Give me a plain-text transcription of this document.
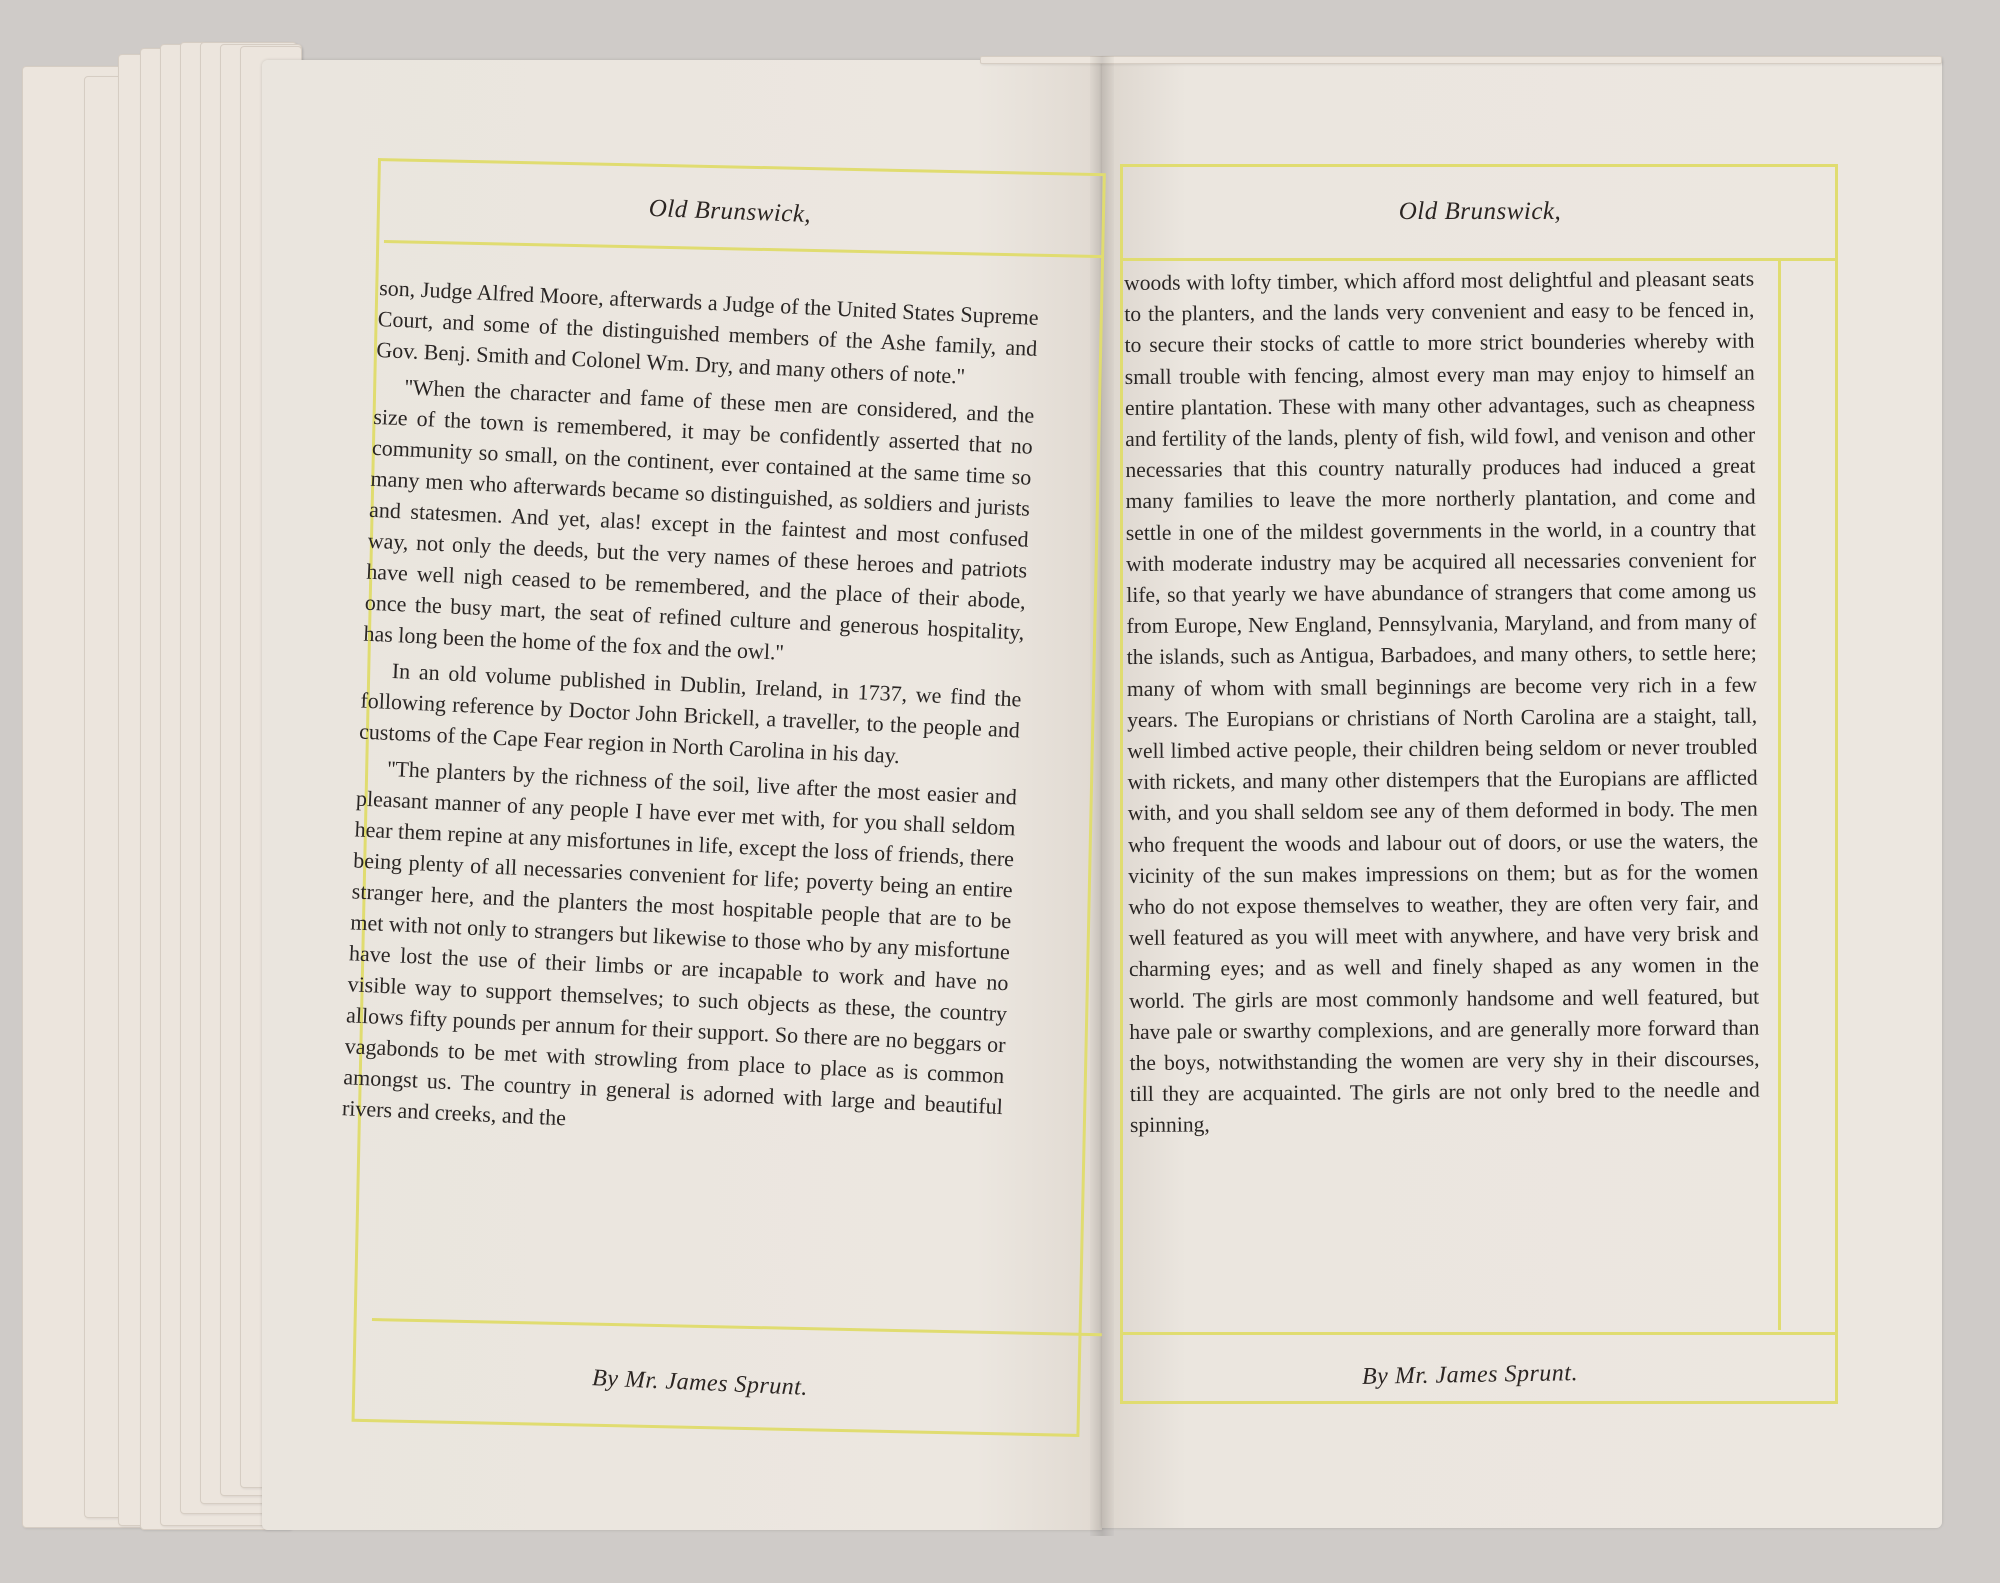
Old Brunswick,

son, Judge Alfred Moore, afterwards a Judge of the United States Supreme Court, and some of the distinguished members of the Ashe family, and Gov. Benj. Smith and Colonel Wm. Dry, and many others of note.''

''When the character and fame of these men are considered, and the size of the town is remembered, it may be confidently asserted that no community so small, on the continent, ever contained at the same time so many men who afterwards became so distinguished, as soldiers and jurists and statesmen. And yet, alas! except in the faintest and most confused way, not only the deeds, but the very names of these heroes and patriots have well nigh ceased to be remembered, and the place of their abode, once the busy mart, the seat of refined culture and generous hospitality, has long been the home of the fox and the owl.''

In an old volume published in Dublin, Ireland, in 1737, we find the following reference by Doctor John Brickell, a traveller, to the people and customs of the Cape Fear region in North Carolina in his day.

''The planters by the richness of the soil, live after the most easier and pleasant manner of any people I have ever met with, for you shall seldom hear them repine at any misfortunes in life, except the loss of friends, there being plenty of all necessaries convenient for life; poverty being an entire stranger here, and the planters the most hospitable people that are to be met with not only to strangers but likewise to those who by any misfortune have lost the use of their limbs or are incapable to work and have no visible way to support themselves; to such objects as these, the country allows fifty pounds per annum for their support. So there are no beggars or vagabonds to be met with strowling from place to place as is common amongst us. The country in general is adorned with large and beautiful rivers and creeks, and the

By Mr. James Sprunt.
Old Brunswick,

woods with lofty timber, which afford most delightful and pleasant seats to the planters, and the lands very convenient and easy to be fenced in, to secure their stocks of cattle to more strict bounderies whereby with small trouble with fencing, almost every man may enjoy to himself an entire plantation. These with many other advantages, such as cheapness and fertility of the lands, plenty of fish, wild fowl, and venison and other necessaries that this country naturally produces had induced a great many families to leave the more northerly plantation, and come and settle in one of the mildest governments in the world, in a country that with moderate industry may be acquired all necessaries convenient for life, so that yearly we have abundance of strangers that come among us from Europe, New England, Pennsylvania, Maryland, and from many of the islands, such as Antigua, Barbadoes, and many others, to settle here; many of whom with small beginnings are become very rich in a few years. The Europians or christians of North Carolina are a staight, tall, well limbed active people, their children being seldom or never troubled with rickets, and many other distempers that the Europians are afflicted with, and you shall seldom see any of them deformed in body. The men who frequent the woods and labour out of doors, or use the waters, the vicinity of the sun makes impressions on them; but as for the women who do not expose themselves to weather, they are often very fair, and well featured as you will meet with anywhere, and have very brisk and charming eyes; and as well and finely shaped as any women in the world. The girls are most commonly handsome and well featured, but have pale or swarthy complexions, and are generally more forward than the boys, notwithstanding the women are very shy in their discourses, till they are acquainted. The girls are not only bred to the needle and spinning,

By Mr. James Sprunt.
